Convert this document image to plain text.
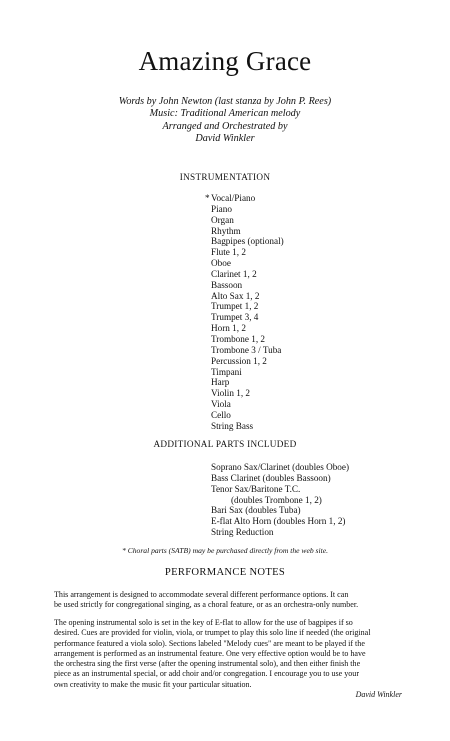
Amazing Grace
Words by John Newton (last stanza by John P. Rees)
Music: Traditional American melody
Arranged and Orchestrated by
David Winkler
INSTRUMENTATION
* Vocal/Piano
Piano
Organ
Rhythm
Bagpipes (optional)
Flute 1, 2
Oboe
Clarinet 1, 2
Bassoon
Alto Sax 1, 2
Trumpet 1, 2
Trumpet 3, 4
Horn 1, 2
Trombone 1, 2
Trombone 3 / Tuba
Percussion 1, 2
Timpani
Harp
Violin 1, 2
Viola
Cello
String Bass
ADDITIONAL PARTS INCLUDED
Soprano Sax/Clarinet (doubles Oboe)
Bass Clarinet (doubles Bassoon)
Tenor Sax/Baritone T.C.
(doubles Trombone 1, 2)
Bari Sax (doubles Tuba)
E-flat Alto Horn (doubles Horn 1, 2)
String Reduction
* Choral parts (SATB) may be purchased directly from the web site.
PERFORMANCE NOTES
This arrangement is designed to accommodate several different performance options. It can
be used strictly for congregational singing, as a choral feature, or as an orchestra-only number.
The opening instrumental solo is set in the key of E-flat to allow for the use of bagpipes if so
desired. Cues are provided for violin, viola, or trumpet to play this solo line if needed (the original
performance featured a viola solo). Sections labeled "Melody cues" are meant to be played if the
arrangement is performed as an instrumental feature. One very effective option would be to have
the orchestra sing the first verse (after the opening instrumental solo), and then either finish the
piece as an instrumental special, or add choir and/or congregation. I encourage you to use your
own creativity to make the music fit your particular situation.
David Winkler
